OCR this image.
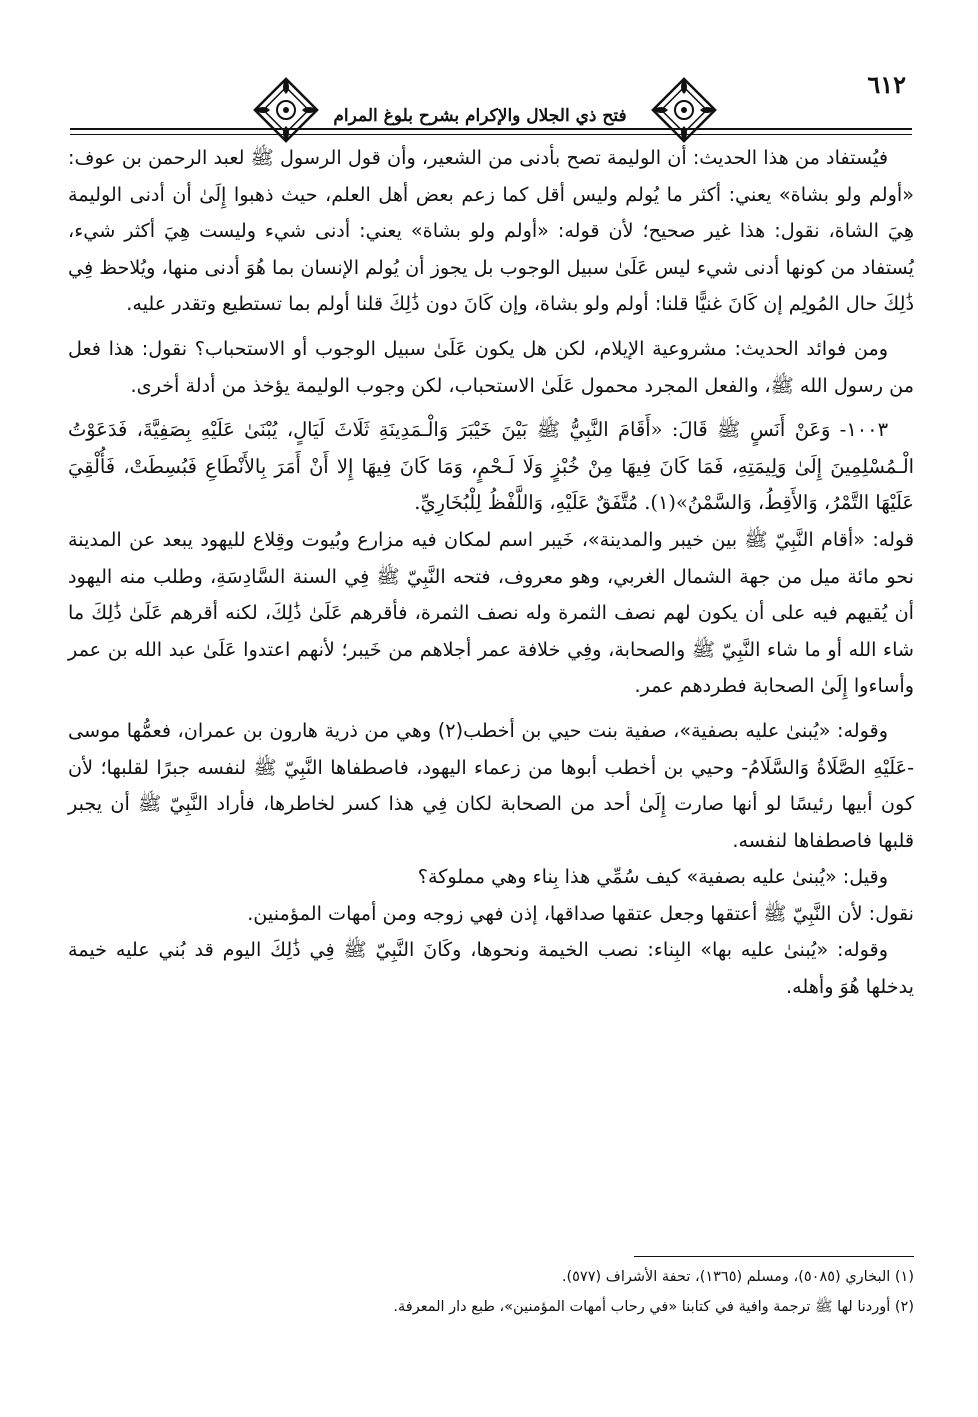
٦١٢
فتح ذي الجلال والإكرام بشرح بلوغ المرام

فيُستفاد من هذا الحديث: أن الوليمة تصح بأدنى من الشعير، وأن قول الرسول ﷺ لعبد الرحمن بن عوف: «أولم ولو بشاة» يعني: أكثر ما يُولم وليس أقل كما زعم بعض أهل العلم، حيث ذهبوا إِلَىٰ أن أدنى الوليمة هِيَ الشاة، نقول: هذا غير صحيح؛ لأن قوله: «أولم ولو بشاة» يعني: أدنى شيء وليست هِيَ أكثر شيء، يُستفاد من كونها أدنى شيء ليس عَلَىٰ سبيل الوجوب بل يجوز أن يُولم الإنسان بما هُوَ أدنى منها، ويُلاحظ فِي ذَٰلِكَ حال المُولِم إن كَانَ غنيًّا قلنا: أولم ولو بشاة، وإن كَانَ دون ذَٰلِكَ قلنا أولم بما تستطيع وتقدر عليه.

ومن فوائد الحديث: مشروعية الإيلام، لكن هل يكون عَلَىٰ سبيل الوجوب أو الاستحباب؟ نقول: هذا فعل من رسول الله ﷺ، والفعل المجرد محمول عَلَىٰ الاستحباب، لكن وجوب الوليمة يؤخذ من أدلة أخرى.

١٠٠٣- وَعَنْ أَنَسٍ ﷺ قَالَ: «أَقَامَ النَّبِيُّ ﷺ بَيْنَ خَيْبَرَ وَالْـمَدِينَةِ ثَلَاثَ لَيَالٍ، يُبْنَىٰ عَلَيْهِ بِصَفِيَّةَ، فَدَعَوْتُ الْـمُسْلِمِينَ إِلَىٰ وَلِيمَتِهِ، فَمَا كَانَ فِيهَا مِنْ خُبْزٍ وَلَا لَـحْمٍ، وَمَا كَانَ فِيهَا إِلا أَنْ أَمَرَ بِالأَنْطَاعِ فَبُسِطَتْ، فَأُلْقِيَ عَلَيْهَا التَّمْرُ، وَالأَقِطُ، وَالسَّمْنُ»(١). مُتَّفَقٌ عَلَيْهِ، وَاللَّفْظُ لِلْبُخَارِيِّ.

قوله: «أقام النَّبِيّ ﷺ بين خيبر والمدينة»، خَيبر اسم لمكان فيه مزارع وبُيوت وقِلاع لليهود يبعد عن المدينة نحو مائة ميل من جهة الشمال الغربي، وهو معروف، فتحه النَّبِيّ ﷺ فِي السنة السَّادِسَةِ، وطلب منه اليهود أن يُقيهم فيه على أن يكون لهم نصف الثمرة وله نصف الثمرة، فأقرهم عَلَىٰ ذَٰلِكَ، لكنه أقرهم عَلَىٰ ذَٰلِكَ ما شاء الله أو ما شاء النَّبِيّ ﷺ والصحابة، وفِي خلافة عمر أجلاهم من خَيبر؛ لأنهم اعتدوا عَلَىٰ عبد الله بن عمر وأساءوا إِلَىٰ الصحابة فطردهم عمر.

وقوله: «يُبنىٰ عليه بصفية»، صفية بنت حيي بن أخطب(٢) وهي من ذرية هارون بن عمران، فعمُّها موسى -عَلَيْهِ الصَّلَاةُ وَالسَّلَامُ- وحيي بن أخطب أبوها من زعماء اليهود، فاصطفاها النَّبِيّ ﷺ لنفسه جبرًا لقلبها؛ لأن كون أبيها رئيسًا لو أنها صارت إِلَىٰ أحد من الصحابة لكان فِي هذا كسر لخاطرها، فأراد النَّبِيّ ﷺ أن يجبر قلبها فاصطفاها لنفسه.

وقيل: «يُبنىٰ عليه بصفية» كيف سُمِّي هذا بِناء وهي مملوكة؟

نقول: لأن النَّبِيّ ﷺ أعتقها وجعل عتقها صداقها، إذن فهي زوجه ومن أمهات المؤمنين.

وقوله: «يُبنىٰ عليه بها» البِناء: نصب الخيمة ونحوها، وكَانَ النَّبِيّ ﷺ فِي ذَٰلِكَ اليوم قد بُني عليه خيمة يدخلها هُوَ وأهله.

(١) البخاري (٥٠٨٥)، ومسلم (١٣٦٥)، تحفة الأشراف (٥٧٧).

(٢) أوردنا لها ﷺ ترجمة وافية في كتابنا «في رحاب أمهات المؤمنين»، طبع دار المعرفة.
